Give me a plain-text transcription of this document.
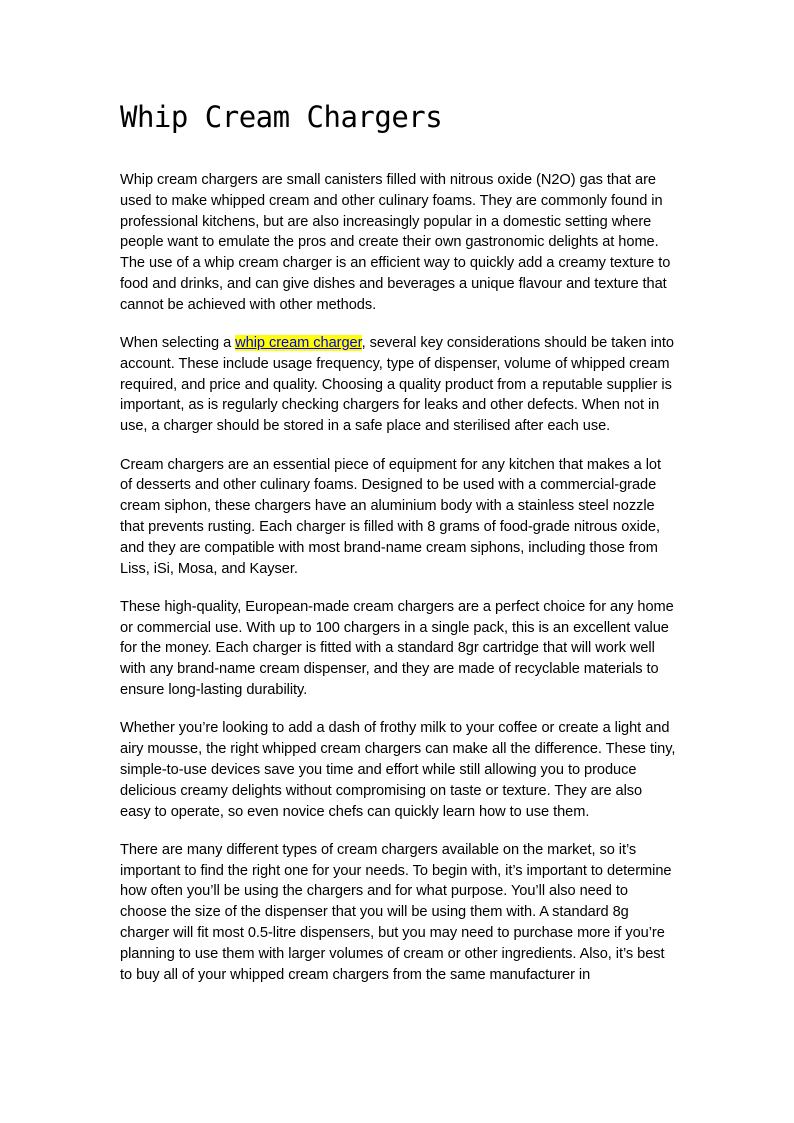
Whip Cream Chargers

Whip cream chargers are small canisters filled with nitrous oxide (N2O) gas that are used to make whipped cream and other culinary foams. They are commonly found in professional kitchens, but are also increasingly popular in a domestic setting where people want to emulate the pros and create their own gastronomic delights at home. The use of a whip cream charger is an efficient way to quickly add a creamy texture to food and drinks, and can give dishes and beverages a unique flavour and texture that cannot be achieved with other methods.

When selecting a whip cream charger, several key considerations should be taken into account. These include usage frequency, type of dispenser, volume of whipped cream required, and price and quality. Choosing a quality product from a reputable supplier is important, as is regularly checking chargers for leaks and other defects. When not in use, a charger should be stored in a safe place and sterilised after each use.

Cream chargers are an essential piece of equipment for any kitchen that makes a lot of desserts and other culinary foams. Designed to be used with a commercial-grade cream siphon, these chargers have an aluminium body with a stainless steel nozzle that prevents rusting. Each charger is filled with 8 grams of food-grade nitrous oxide, and they are compatible with most brand-name cream siphons, including those from Liss, iSi, Mosa, and Kayser.

These high-quality, European-made cream chargers are a perfect choice for any home or commercial use. With up to 100 chargers in a single pack, this is an excellent value for the money. Each charger is fitted with a standard 8gr cartridge that will work well with any brand-name cream dispenser, and they are made of recyclable materials to ensure long-lasting durability.

Whether you’re looking to add a dash of frothy milk to your coffee or create a light and airy mousse, the right whipped cream chargers can make all the difference. These tiny, simple-to-use devices save you time and effort while still allowing you to produce delicious creamy delights without compromising on taste or texture. They are also easy to operate, so even novice chefs can quickly learn how to use them.

There are many different types of cream chargers available on the market, so it’s important to find the right one for your needs. To begin with, it’s important to determine how often you’ll be using the chargers and for what purpose. You’ll also need to choose the size of the dispenser that you will be using them with. A standard 8g charger will fit most 0.5-litre dispensers, but you may need to purchase more if you’re planning to use them with larger volumes of cream or other ingredients. Also, it’s best to buy all of your whipped cream chargers from the same manufacturer in
